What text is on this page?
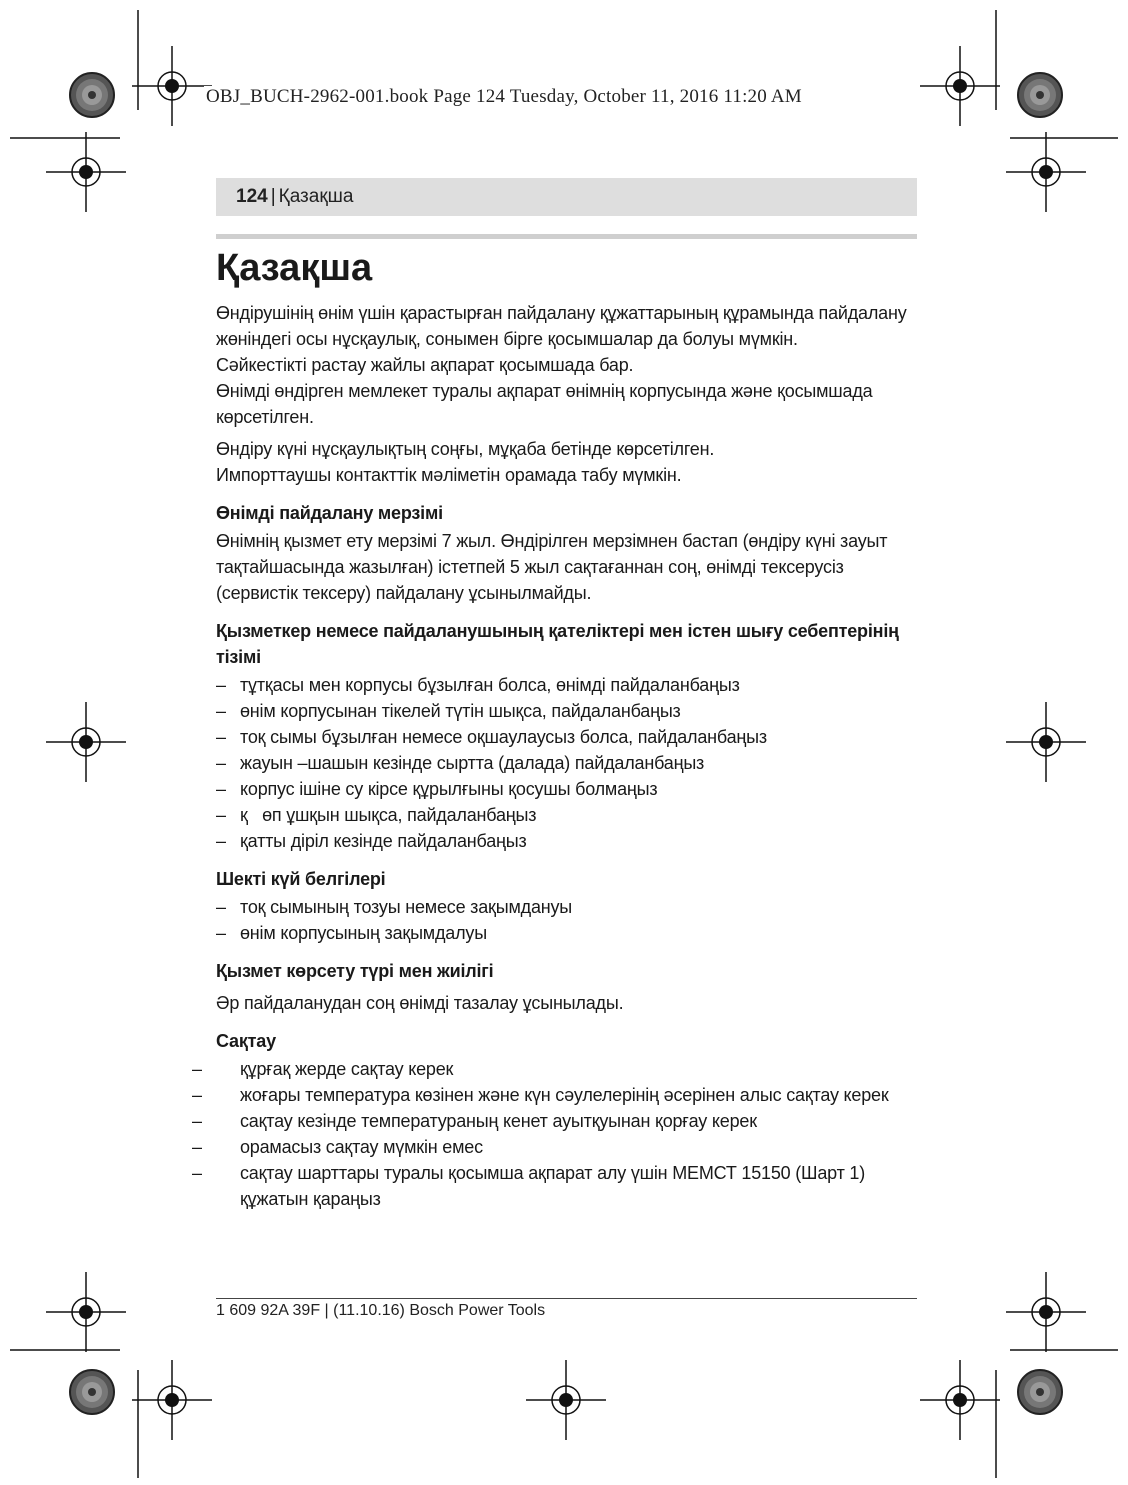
OBJ_BUCH-2962-001.book Page 124 Tuesday, October 11, 2016 11:20 AM
124 | Қазақша
Қазақша

Өндірушінің өнім үшін қарастырған пайдалану құжаттарының құрамында пайдалану жөніндегі осы нұсқаулық, сонымен бірге қосымшалар да болуы мүмкін.

Сәйкестікті растау жайлы ақпарат қосымшада бар.

Өнімді өндірген мемлекет туралы ақпарат өнімнің корпусында және қосымшада көрсетілген.

Өндіру күні нұсқаулықтың соңғы, мұқаба бетінде көрсетілген.

Импорттаушы контакттік мәліметін орамада табу мүмкін.

Өнімді пайдалану мерзімі

Өнімнің қызмет ету мерзімі 7 жыл. Өндірілген мерзімнен бастап (өндіру күні зауыт тақтайшасында жазылған) істетпей 5 жыл сақтағаннан соң, өнімді тексерусіз (сервистік тексеру) пайдалану ұсынылмайды.

Қызметкер немесе пайдаланушының қателіктері мен істен шығу себептерінің тізімі
– тұтқасы мен корпусы бұзылған болса, өнімді пайдаланбаңыз
– өнім корпусынан тікелей түтін шықса, пайдаланбаңыз
– тоқ сымы бұзылған немесе оқшаулаусыз болса, пайдаланбаңыз
– жауын –шашын кезінде сыртта (далада) пайдаланбаңыз
– корпус ішіне су кірсе құрылғыны қосушы болмаңыз
– қ   өп ұшқын шықса, пайдаланбаңыз
– қатты діріл кезінде пайдаланбаңыз
Шекті күй белгілері
– тоқ сымының тозуы немесе зақымдануы
– өнім корпусының зақымдалуы
Қызмет көрсету түрі мен жиілігі

Әр пайдаланудан соң өнімді тазалау ұсынылады.

Сақтау
– құрғақ жерде сақтау керек
– жоғары температура көзінен және күн сәулелерінің әсерінен алыс сақтау керек
– сақтау кезінде температураның кенет ауытқуынан қорғау керек
– орамасыз сақтау мүмкін емес
– сақтау шарттары туралы қосымша ақпарат алу үшін МЕМСТ 15150 (Шарт 1) құжатын қараңыз
1 609 92A 39F | (11.10.16) Bosch Power Tools
